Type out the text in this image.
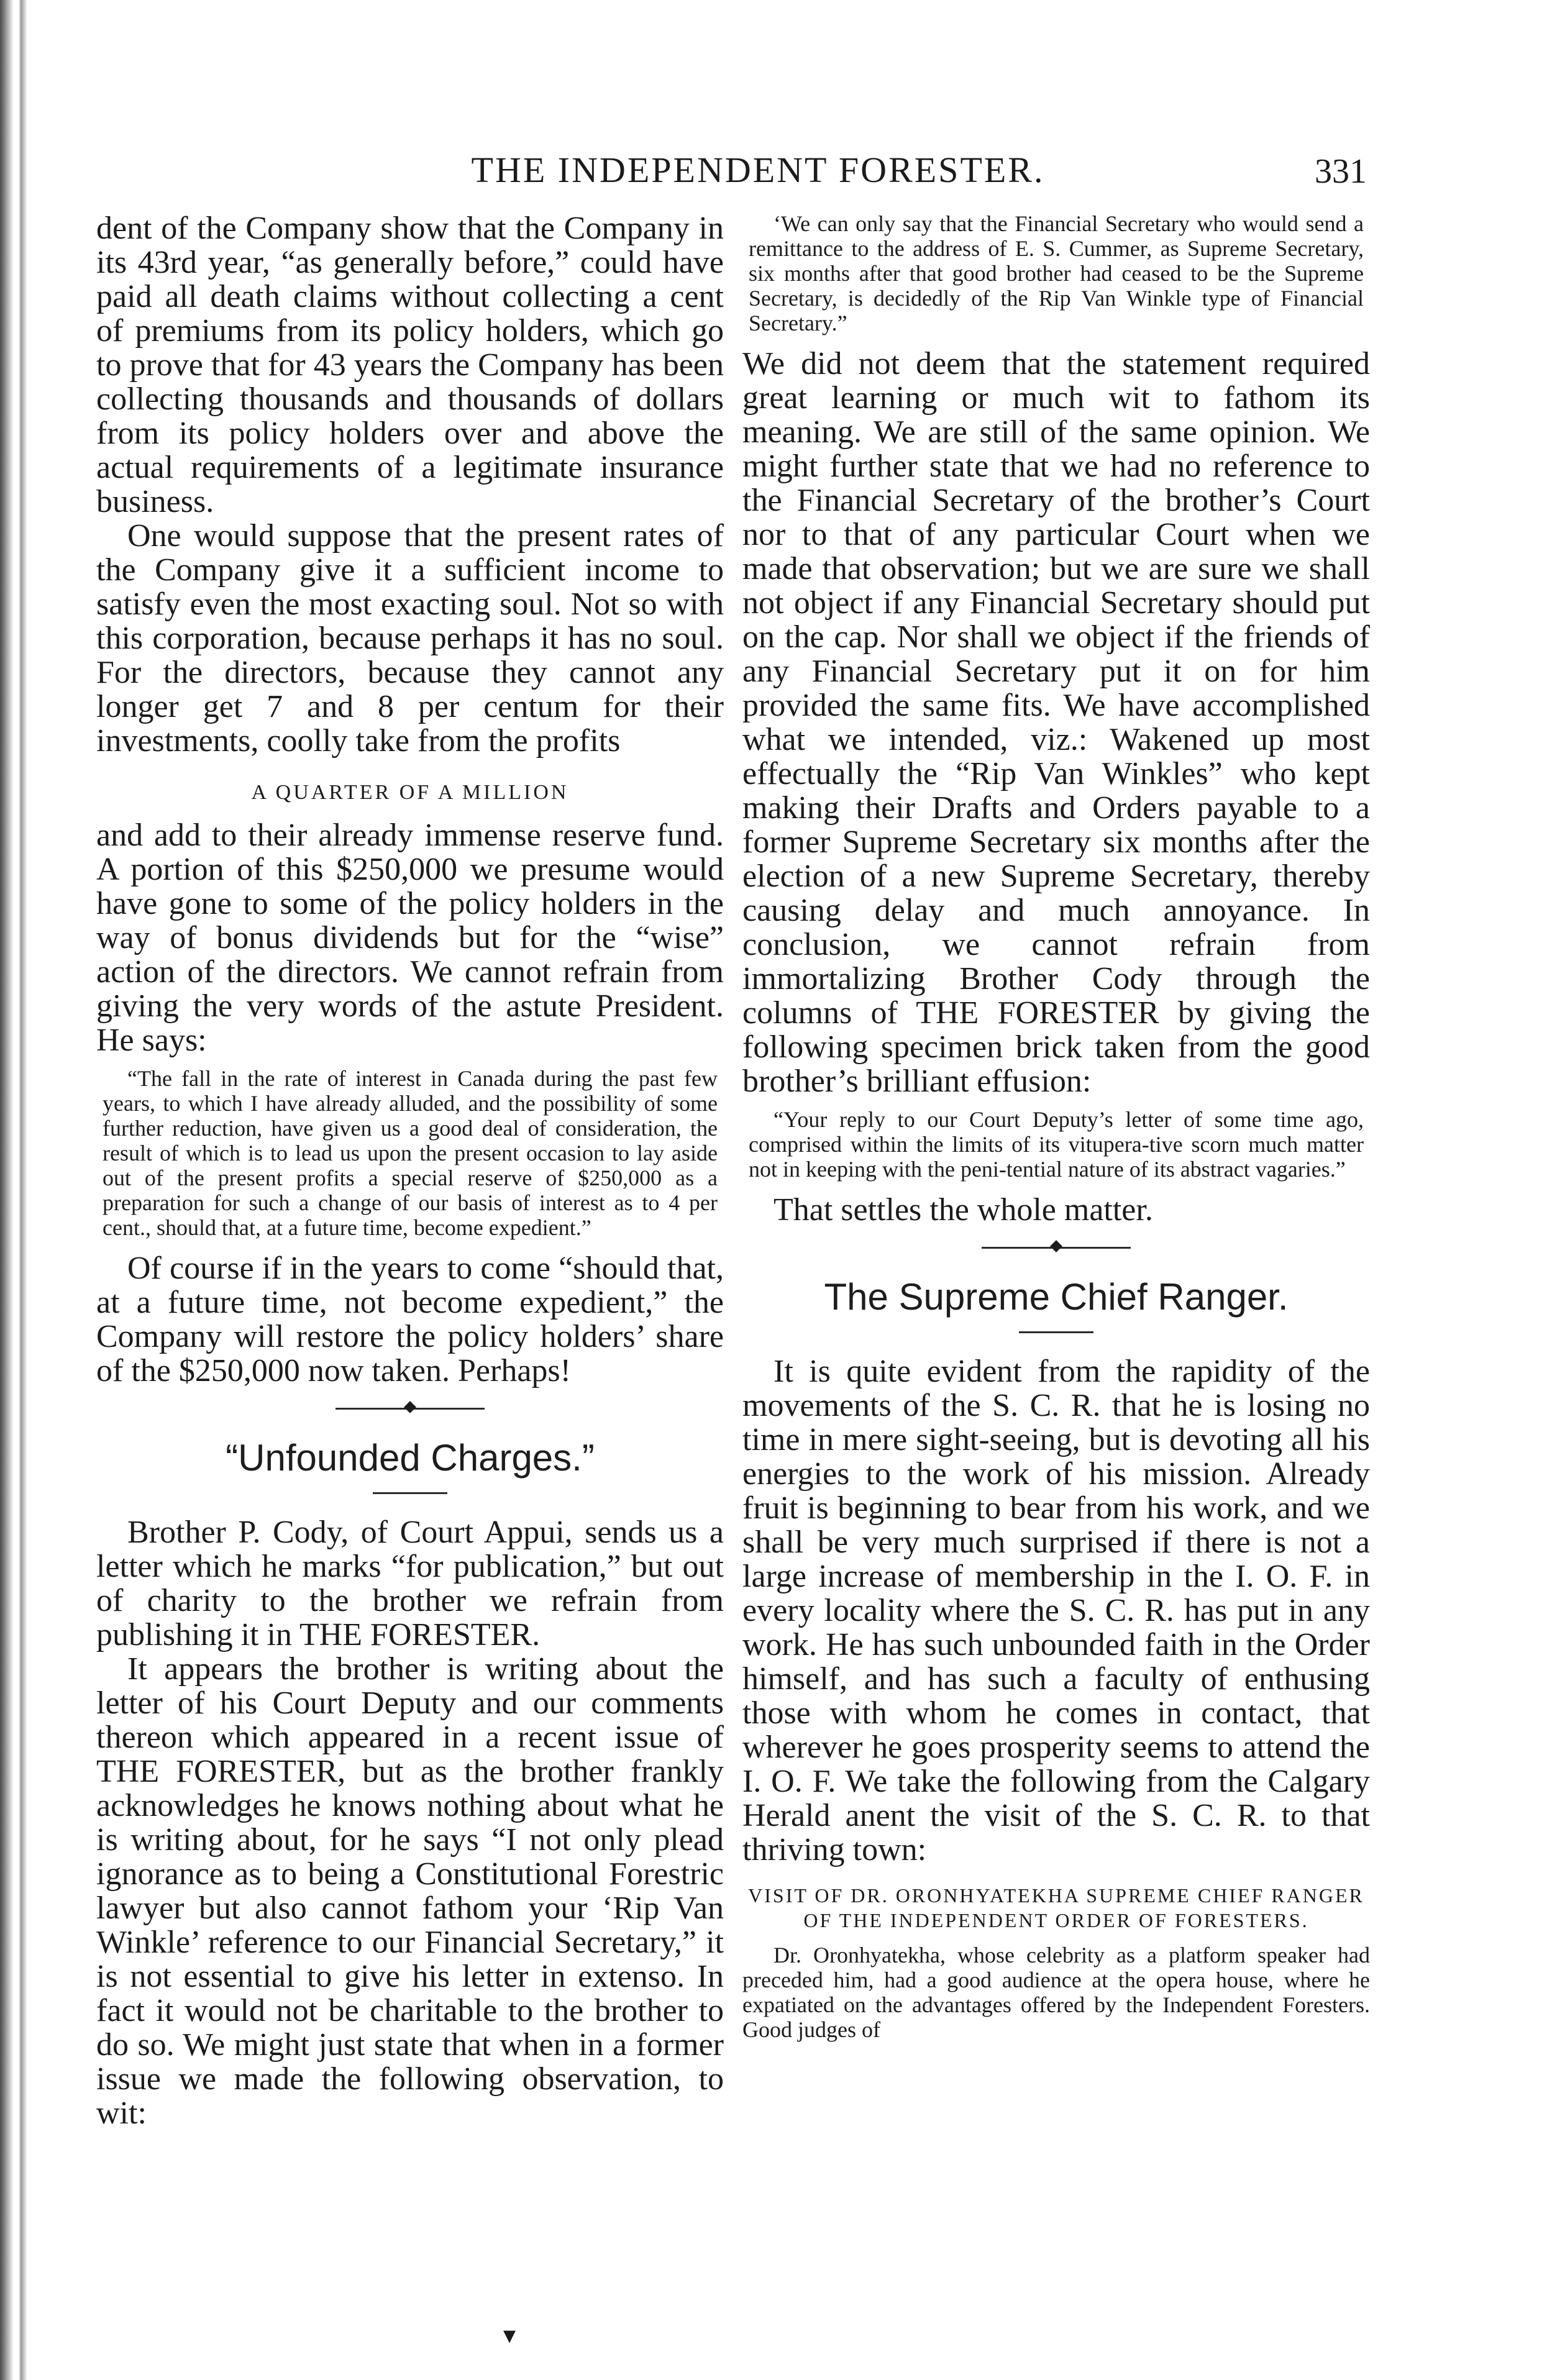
THE INDEPENDENT FORESTER.	331

dent of the Company show that the Company in its 43rd year, “as generally before,” could have paid all death claims without collecting a cent of premiums from its policy holders, which go to prove that for 43 years the Company has been collecting thousands and thousands of dollars from its policy holders over and above the actual requirements of a legitimate insurance business.

One would suppose that the present rates of the Company give it a sufficient income to satisfy even the most exacting soul. Not so with this corporation, because perhaps it has no soul. For the directors, because they cannot any longer get 7 and 8 per centum for their investments, coolly take from the profits

A QUARTER OF A MILLION

and add to their already immense reserve fund. A portion of this $250,000 we presume would have gone to some of the policy holders in the way of bonus dividends but for the “wise” action of the directors. We cannot refrain from giving the very words of the astute President. He says:

“The fall in the rate of interest in Canada during the past few years, to which I have already alluded, and the possibility of some further reduction, have given us a good deal of consideration, the result of which is to lead us upon the present occasion to lay aside out of the present profits a special reserve of $250,000 as a preparation for such a change of our basis of interest as to 4 per cent., should that, at a future time, become expedient.”

Of course if in the years to come “should that, at a future time, not become expedient,” the Company will restore the policy holders’ share of the $250,000 now taken. Perhaps!

“Unfounded Charges.”

Brother P. Cody, of Court Appui, sends us a letter which he marks “for publication,” but out of charity to the brother we refrain from publishing it in THE FORESTER.

It appears the brother is writing about the letter of his Court Deputy and our comments thereon which appeared in a recent issue of THE FORESTER, but as the brother frankly acknowledges he knows nothing about what he is writing about, for he says “I not only plead ignorance as to being a Constitutional Forestric lawyer but also cannot fathom your ‘Rip Van Winkle’ reference to our Financial Secretary,” it is not essential to give his letter in extenso. In fact it would not be charitable to the brother to do so. We might just state that when in a former issue we made the following observation, to wit:

‘We can only say that the Financial Secretary who would send a remittance to the address of E. S. Cummer, as Supreme Secretary, six months after that good brother had ceased to be the Supreme Secretary, is decidedly of the Rip Van Winkle type of Financial Secretary.”

We did not deem that the statement required great learning or much wit to fathom its meaning. We are still of the same opinion. We might further state that we had no reference to the Financial Secretary of the brother’s Court nor to that of any particular Court when we made that observation; but we are sure we shall not object if any Financial Secretary should put on the cap. Nor shall we object if the friends of any Financial Secretary put it on for him provided the same fits. We have accomplished what we intended, viz.: Wakened up most effectually the “Rip Van Winkles” who kept making their Drafts and Orders payable to a former Supreme Secretary six months after the election of a new Supreme Secretary, thereby causing delay and much annoyance. In conclusion, we cannot refrain from immortalizing Brother Cody through the columns of THE FORESTER by giving the following specimen brick taken from the good brother’s brilliant effusion:

“Your reply to our Court Deputy’s letter of some time ago, comprised within the limits of its vitupera-tive scorn much matter not in keeping with the peni-tential nature of its abstract vagaries.”

That settles the whole matter.

The Supreme Chief Ranger.

It is quite evident from the rapidity of the movements of the S. C. R. that he is losing no time in mere sight-seeing, but is devoting all his energies to the work of his mission. Already fruit is beginning to bear from his work, and we shall be very much surprised if there is not a large increase of membership in the I. O. F. in every locality where the S. C. R. has put in any work. He has such unbounded faith in the Order himself, and has such a faculty of enthusing those with whom he comes in contact, that wherever he goes prosperity seems to attend the I. O. F. We take the following from the Calgary Herald anent the visit of the S. C. R. to that thriving town:

VISIT OF DR. ORONHYATEKHA SUPREME CHIEF RANGER OF THE INDEPENDENT ORDER OF FORESTERS.

Dr. Oronhyatekha, whose celebrity as a platform speaker had preceded him, had a good audience at the opera house, where he expatiated on the advantages offered by the Independent Foresters. Good judges of

▾
